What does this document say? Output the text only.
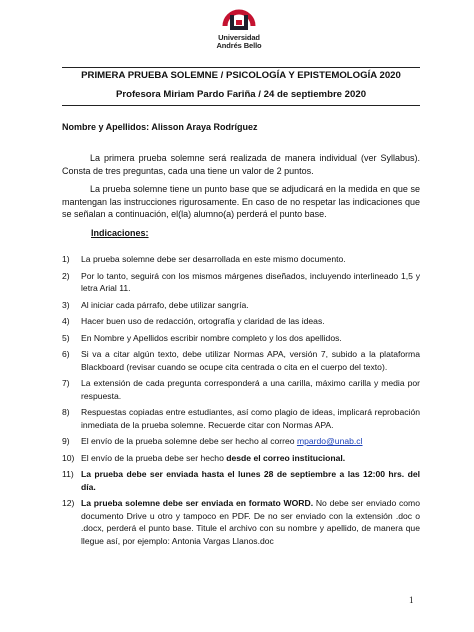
Universidad
Andrés Bello
PRIMERA PRUEBA SOLEMNE / PSICOLOGÍA Y EPISTEMOLOGÍA 2020
Profesora Miriam Pardo Fariña / 24 de septiembre 2020
Nombre y Apellidos: Alisson Araya Rodríguez
La primera prueba solemne será realizada de manera individual (ver Syllabus). Consta de tres preguntas, cada una tiene un valor de 2 puntos.
La prueba solemne tiene un punto base que se adjudicará en la medida en que se mantengan las instrucciones rigurosamente. En caso de no respetar las indicaciones que se señalan a continuación, el(la) alumno(a) perderá el punto base.
Indicaciones:
1) La prueba solemne debe ser desarrollada en este mismo documento.
2) Por lo tanto, seguirá con los mismos márgenes diseñados, incluyendo interlineado 1,5 y letra Arial 11.
3) Al iniciar cada párrafo, debe utilizar sangría.
4) Hacer buen uso de redacción, ortografía y claridad de las ideas.
5) En Nombre y Apellidos escribir nombre completo y los dos apellidos.
6) Si va a citar algún texto, debe utilizar Normas APA, versión 7, subido a la plataforma Blackboard (revisar cuando se ocupe cita centrada o cita en el cuerpo del texto).
7) La extensión de cada pregunta corresponderá a una carilla, máximo carilla y media por respuesta.
8) Respuestas copiadas entre estudiantes, así como plagio de ideas, implicará reprobación inmediata de la prueba solemne. Recuerde citar con Normas APA.
9) El envío de la prueba solemne debe ser hecho al correo mpardo@unab.cl
10) El envío de la prueba debe ser hecho desde el correo institucional.
11) La prueba debe ser enviada hasta el lunes 28 de septiembre a las 12:00 hrs. del día.
12) La prueba solemne debe ser enviada en formato WORD. No debe ser enviado como documento Drive u otro y tampoco en PDF. De no ser enviado con la extensión .doc o .docx, perderá el punto base. Titule el archivo con su nombre y apellido, de manera que llegue así, por ejemplo: Antonia Vargas Llanos.doc
1
